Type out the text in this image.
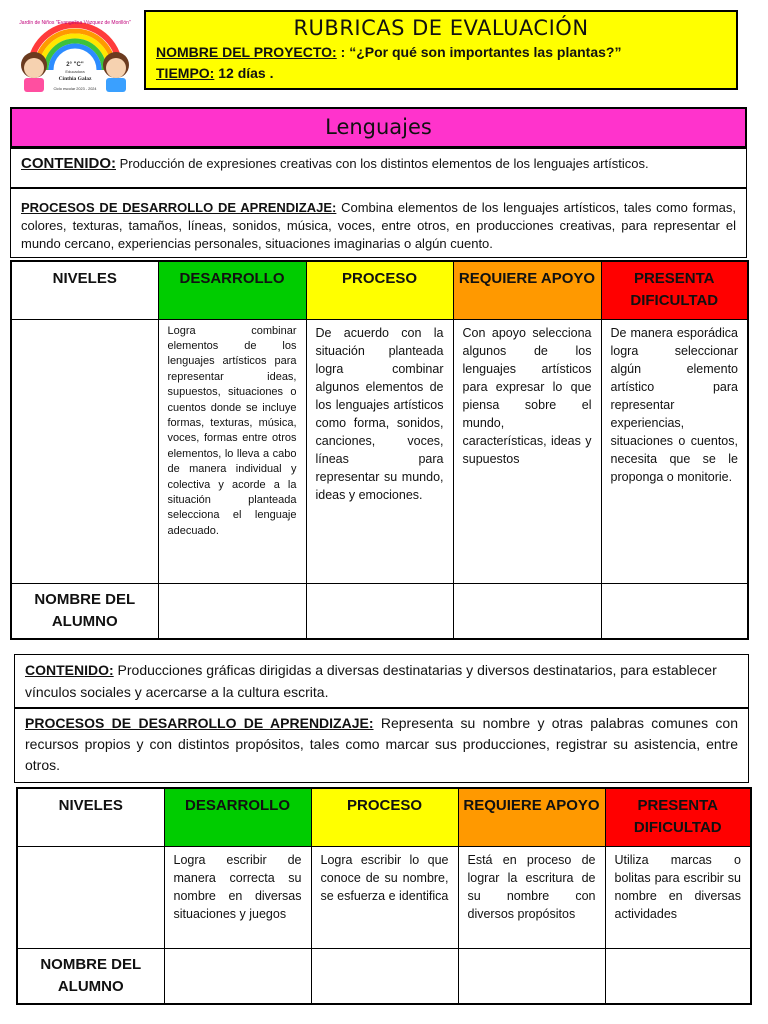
Jardín de Niños "Evangelina Vázquez de Morillón"
2° "C"
Educadora
Cinthia Galaz
Ciclo escolar 2023 - 2024
RUBRICAS DE EVALUACIÓN
NOMBRE DEL PROYECTO: : “¿Por qué son importantes las plantas?”
TIEMPO: 12 días .
Lenguajes
CONTENIDO: Producción de expresiones creativas con los distintos elementos de los lenguajes artísticos.
PROCESOS DE DESARROLLO DE APRENDIZAJE: Combina elementos de los lenguajes artísticos, tales como formas, colores, texturas, tamaños, líneas, sonidos, música, voces, entre otros, en producciones creativas, para representar el mundo cercano, experiencias personales, situaciones imaginarias o algún cuento.
NIVELES	DESARROLLO	PROCESO	REQUIERE APOYO	PRESENTA DIFICULTAD
	Logra combinar elementos de los lenguajes artísticos para representar ideas, supuestos, situaciones o cuentos donde se incluye formas, texturas, música, voces, formas entre otros elementos, lo lleva a cabo de manera individual y colectiva y acorde a la situación planteada selecciona el lenguaje adecuado.	De acuerdo con la situación planteada logra combinar algunos elementos de los lenguajes artísticos como forma, sonidos, canciones, voces, líneas para representar su mundo, ideas y emociones.	Con apoyo selecciona algunos de los lenguajes artísticos para expresar lo que piensa sobre el mundo, características, ideas y supuestos	De manera esporádica logra seleccionar algún elemento artístico para representar experiencias, situaciones o cuentos, necesita que se le proponga o monitorie.
NOMBRE DEL ALUMNO				
CONTENIDO: Producciones gráficas dirigidas a diversas destinatarias y diversos destinatarios, para establecer vínculos sociales y acercarse a la cultura escrita.
PROCESOS DE DESARROLLO DE APRENDIZAJE: Representa su nombre y otras palabras comunes con recursos propios y con distintos propósitos, tales como marcar sus producciones, registrar su asistencia, entre otros.
NIVELES	DESARROLLO	PROCESO	REQUIERE APOYO	PRESENTA DIFICULTAD
	Logra escribir de manera correcta su nombre en diversas situaciones y juegos	Logra escribir lo que conoce de su nombre, se esfuerza e identifica	Está en proceso de lograr la escritura de su nombre con diversos propósitos	Utiliza marcas o bolitas para escribir su nombre en diversas actividades
NOMBRE DEL ALUMNO				
